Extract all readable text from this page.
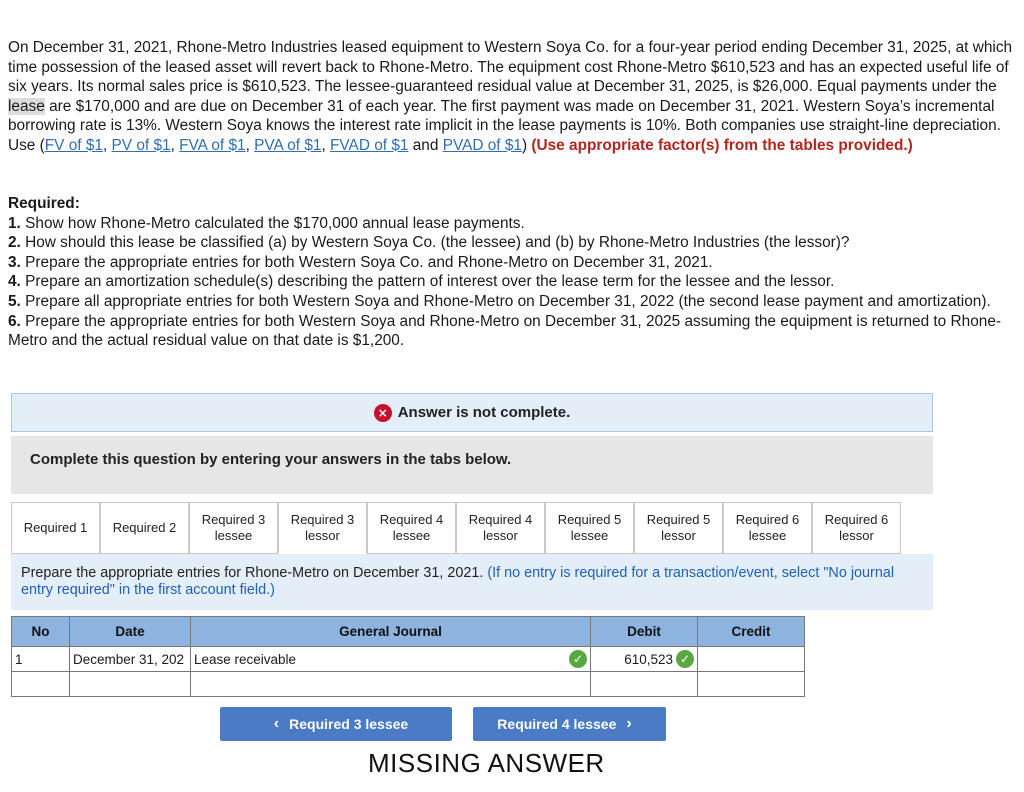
On December 31, 2021, Rhone-Metro Industries leased equipment to Western Soya Co. for a four-year period ending December 31, 2025, at which time possession of the leased asset will revert back to Rhone-Metro. The equipment cost Rhone-Metro $610,523 and has an expected useful life of six years. Its normal sales price is $610,523. The lessee-guaranteed residual value at December 31, 2025, is $26,000. Equal payments under the lease are $170,000 and are due on December 31 of each year. The first payment was made on December 31, 2021. Western Soya’s incremental borrowing rate is 13%. Western Soya knows the interest rate implicit in the lease payments is 10%. Both companies use straight-line depreciation. Use (FV of $1, PV of $1, FVA of $1, PVA of $1, FVAD of $1 and PVAD of $1) (Use appropriate factor(s) from the tables provided.)
Required:
1. Show how Rhone-Metro calculated the $170,000 annual lease payments.
2. How should this lease be classified (a) by Western Soya Co. (the lessee) and (b) by Rhone-Metro Industries (the lessor)?
3. Prepare the appropriate entries for both Western Soya Co. and Rhone-Metro on December 31, 2021.
4. Prepare an amortization schedule(s) describing the pattern of interest over the lease term for the lessee and the lessor.
5. Prepare all appropriate entries for both Western Soya and Rhone-Metro on December 31, 2022 (the second lease payment and amortization).
6. Prepare the appropriate entries for both Western Soya and Rhone-Metro on December 31, 2025 assuming the equipment is returned to Rhone-Metro and the actual residual value on that date is $1,200.
× Answer is not complete.
Complete this question by entering your answers in the tabs below.
Required 1 Required 2

Required 3
lessee
Required 3
lessor
Required 4
lessee
Required 4
lessor
Required 5
lessee
Required 5
lessor
Required 6
lessee
Required 6
lessor
Prepare the appropriate entries for Rhone-Metro on December 31, 2021. (If no entry is required for a transaction/event, select "No journal entry required" in the first account field.)
No	Date	General Journal	Debit	Credit
1	December 31, 202	Lease receivable ✓	610,523 ✓	

‹ Required 3 lessee	Required 4 lessee ›
MISSING ANSWER
